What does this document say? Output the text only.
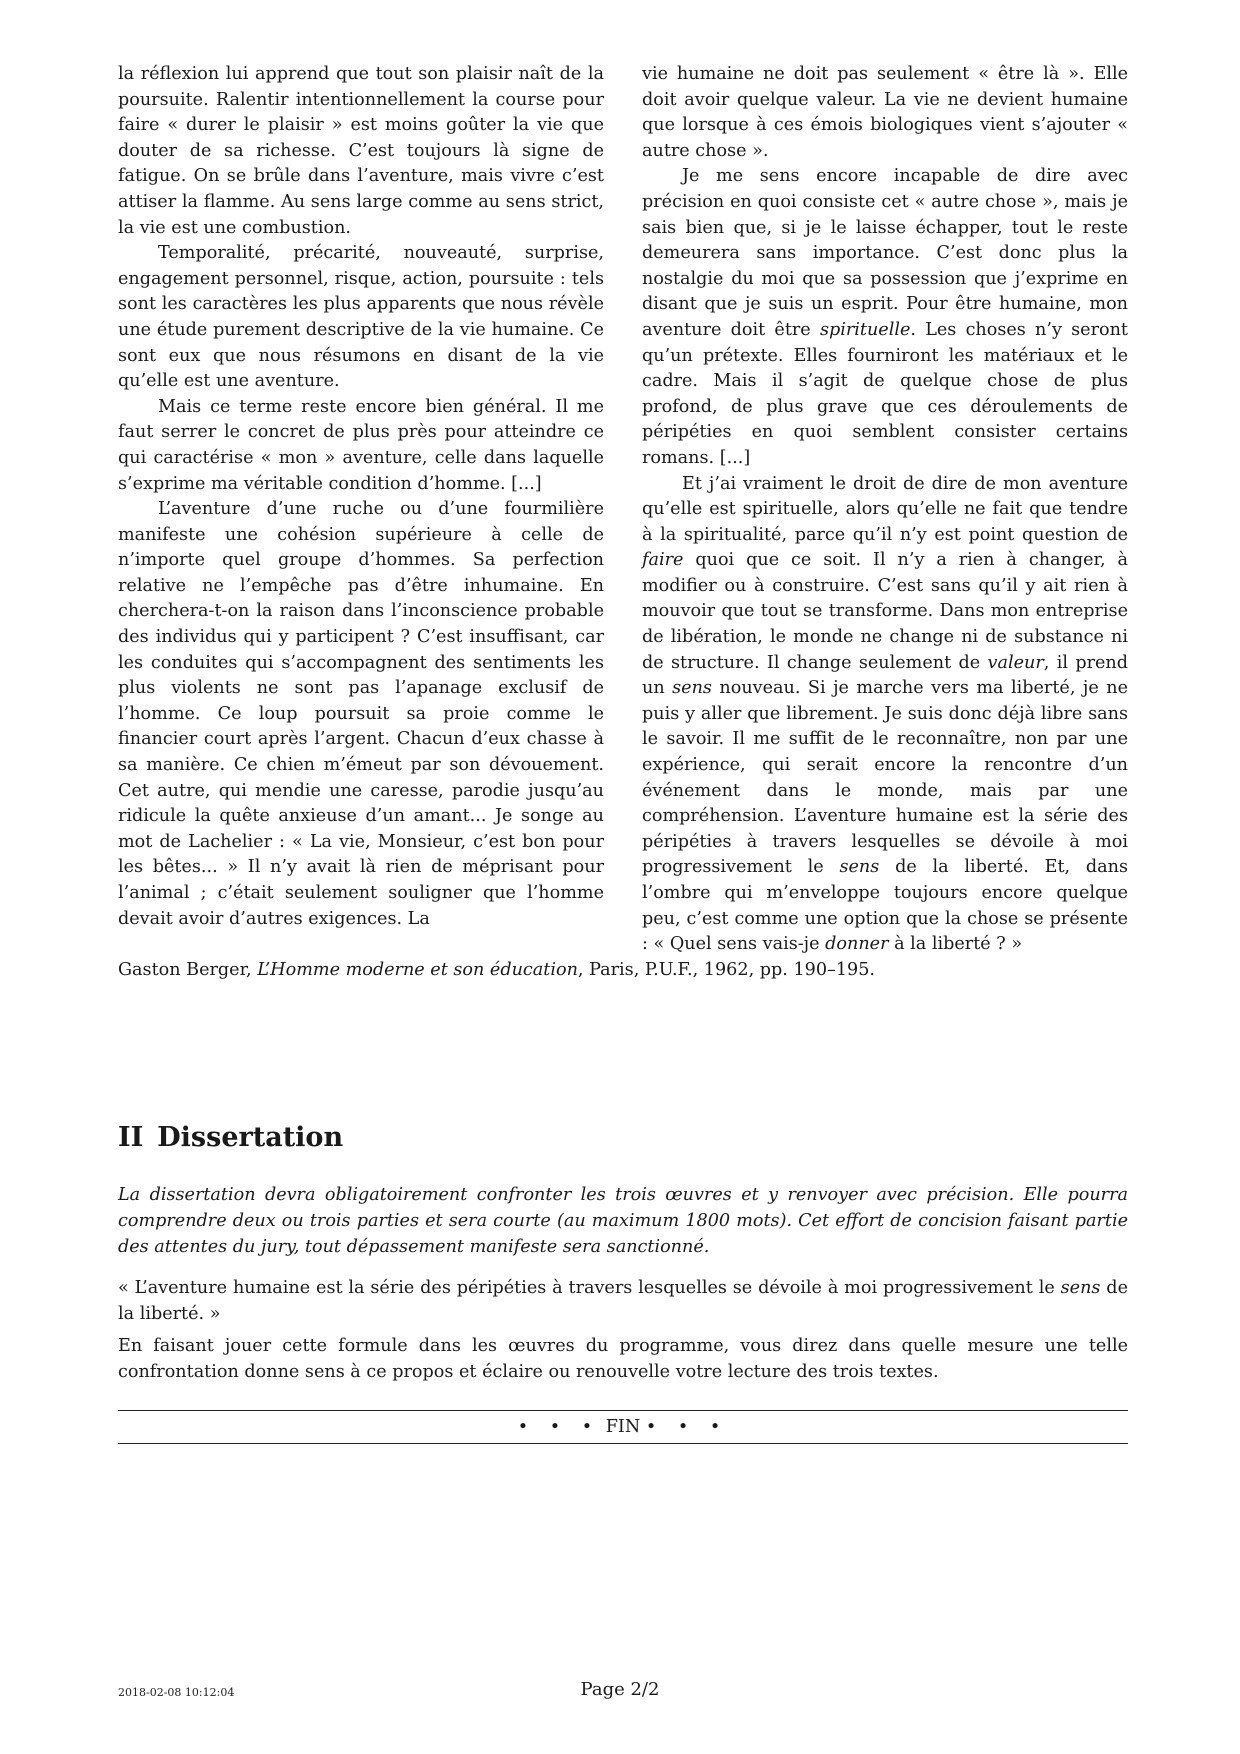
la réflexion lui apprend que tout son plaisir naît de la poursuite. Ralentir intentionnellement la course pour faire « durer le plaisir » est moins goûter la vie que douter de sa richesse. C’est toujours là signe de fatigue. On se brûle dans l’aventure, mais vivre c’est attiser la flamme. Au sens large comme au sens strict, la vie est une combustion.

Temporalité, précarité, nouveauté, surprise, engagement personnel, risque, action, poursuite : tels sont les caractères les plus apparents que nous révèle une étude purement descriptive de la vie humaine. Ce sont eux que nous résumons en disant de la vie qu’elle est une aventure.

Mais ce terme reste encore bien général. Il me faut serrer le concret de plus près pour atteindre ce qui caractérise « mon » aventure, celle dans laquelle s’exprime ma véritable condition d’homme. [...]

L’aventure d’une ruche ou d’une fourmilière manifeste une cohésion supérieure à celle de n’importe quel groupe d’hommes. Sa perfection relative ne l’empêche pas d’être inhumaine. En cherchera-t-on la raison dans l’inconscience probable des individus qui y participent ? C’est insuffisant, car les conduites qui s’accompagnent des sentiments les plus violents ne sont pas l’apanage exclusif de l’homme. Ce loup poursuit sa proie comme le financier court après l’argent. Chacun d’eux chasse à sa manière. Ce chien m’émeut par son dévouement. Cet autre, qui mendie une caresse, parodie jusqu’au ridicule la quête anxieuse d’un amant... Je songe au mot de Lachelier : « La vie, Monsieur, c’est bon pour les bêtes... » Il n’y avait là rien de méprisant pour l’animal ; c’était seulement souligner que l’homme devait avoir d’autres exigences. La

vie humaine ne doit pas seulement « être là ». Elle doit avoir quelque valeur. La vie ne devient humaine que lorsque à ces émois biologiques vient s’ajouter « autre chose ».

Je me sens encore incapable de dire avec précision en quoi consiste cet « autre chose », mais je sais bien que, si je le laisse échapper, tout le reste demeurera sans importance. C’est donc plus la nostalgie du moi que sa possession que j’exprime en disant que je suis un esprit. Pour être humaine, mon aventure doit être spirituelle. Les choses n’y seront qu’un prétexte. Elles fourniront les matériaux et le cadre. Mais il s’agit de quelque chose de plus profond, de plus grave que ces déroulements de péripéties en quoi semblent consister certains romans. [...]

Et j’ai vraiment le droit de dire de mon aventure qu’elle est spirituelle, alors qu’elle ne fait que tendre à la spiritualité, parce qu’il n’y est point question de faire quoi que ce soit. Il n’y a rien à changer, à modifier ou à construire. C’est sans qu’il y ait rien à mouvoir que tout se transforme. Dans mon entreprise de libération, le monde ne change ni de substance ni de structure. Il change seulement de valeur, il prend un sens nouveau. Si je marche vers ma liberté, je ne puis y aller que librement. Je suis donc déjà libre sans le savoir. Il me suffit de le reconnaître, non par une expérience, qui serait encore la rencontre d’un événement dans le monde, mais par une compréhension. L’aventure humaine est la série des péripéties à travers lesquelles se dévoile à moi progressivement le sens de la liberté. Et, dans l’ombre qui m’enveloppe toujours encore quelque peu, c’est comme une option que la chose se présente : « Quel sens vais-je donner à la liberté ? »

Gaston Berger, L’Homme moderne et son éducation, Paris, P.U.F., 1962, pp. 190–195.
II Dissertation
La dissertation devra obligatoirement confronter les trois œuvres et y renvoyer avec précision. Elle pourra comprendre deux ou trois parties et sera courte (au maximum 1800 mots). Cet effort de concision faisant partie des attentes du jury, tout dépassement manifeste sera sanctionné.

« L’aventure humaine est la série des péripéties à travers lesquelles se dévoile à moi progressivement le sens de la liberté. »

En faisant jouer cette formule dans les œuvres du programme, vous direz dans quelle mesure une telle confrontation donne sens à ce propos et éclaire ou renouvelle votre lecture des trois textes.

• • • FIN • • •
2018-02-08 10:12:04	Page 2/2
